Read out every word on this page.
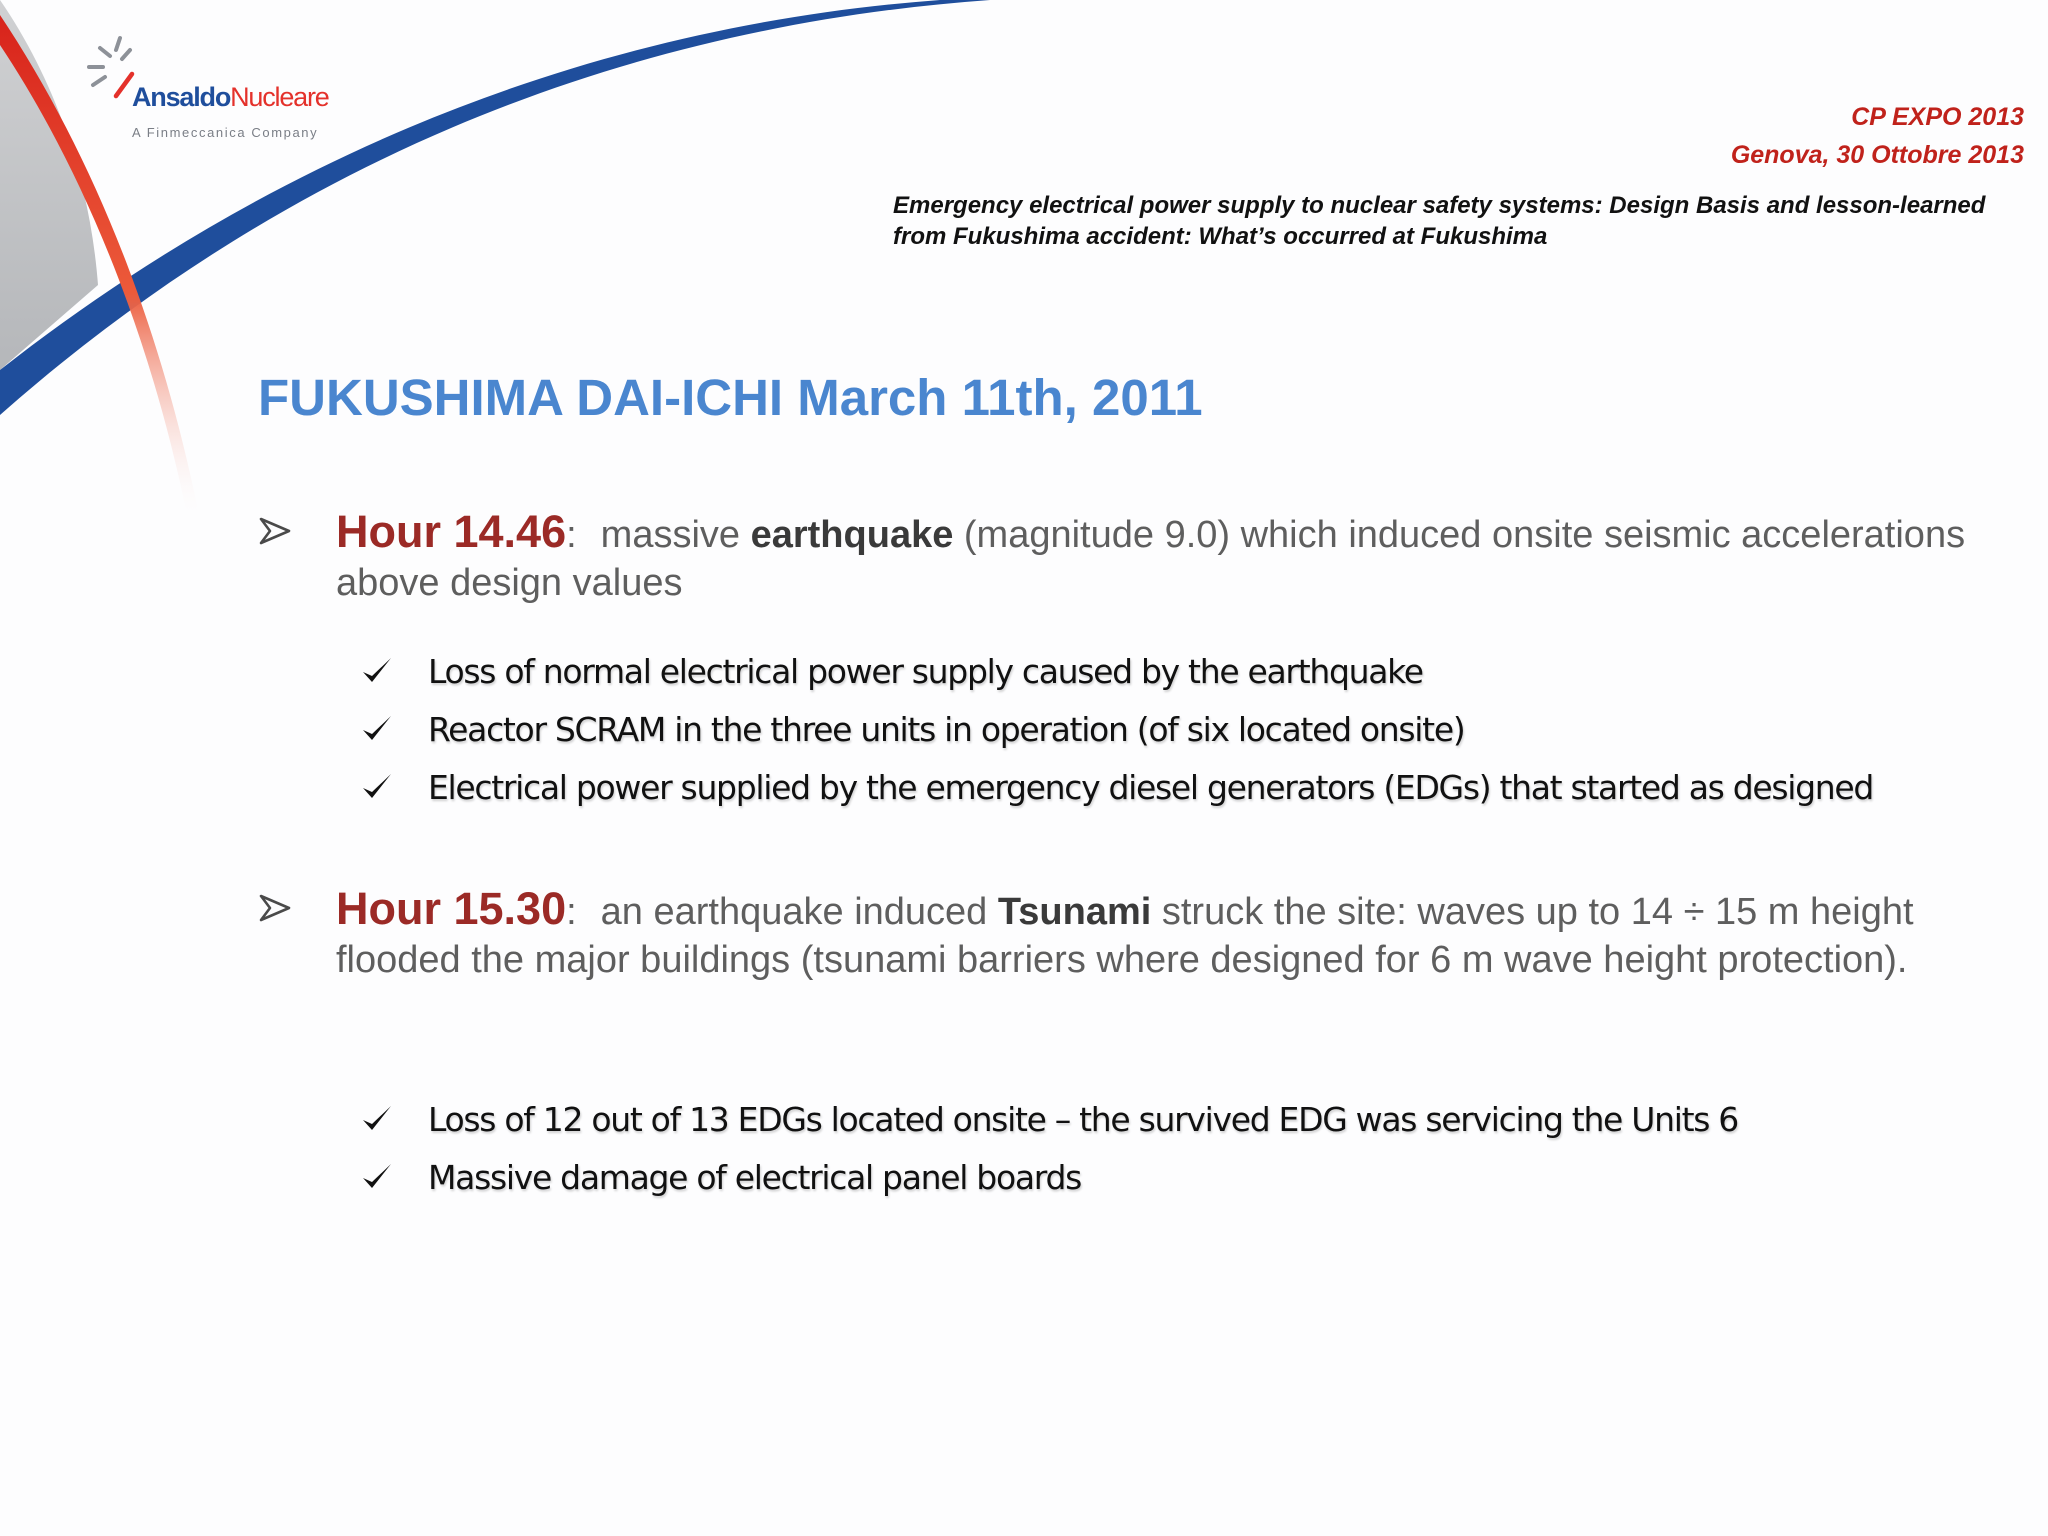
AnsaldoNucleare
A Finmeccanica Company
CP EXPO 2013
Genova, 30 Ottobre 2013
Emergency electrical power supply to nuclear safety systems: Design Basis and lesson-learned from Fukushima accident: What’s occurred at Fukushima
FUKUSHIMA DAI-ICHI March 11th, 2011
Hour 14.46: massive earthquake (magnitude 9.0) which induced onsite seismic accelerations above design values
Loss of normal electrical power supply caused by the earthquake
Reactor SCRAM in the three units in operation (of six located onsite)
Electrical power supplied by the emergency diesel generators (EDGs) that started as designed
Hour 15.30: an earthquake induced Tsunami struck the site: waves up to 14 ÷ 15 m height flooded the major buildings (tsunami barriers where designed for 6 m wave height protection).
Loss of 12 out of 13 EDGs located onsite – the survived EDG was servicing the Units 6
Massive damage of electrical panel boards
